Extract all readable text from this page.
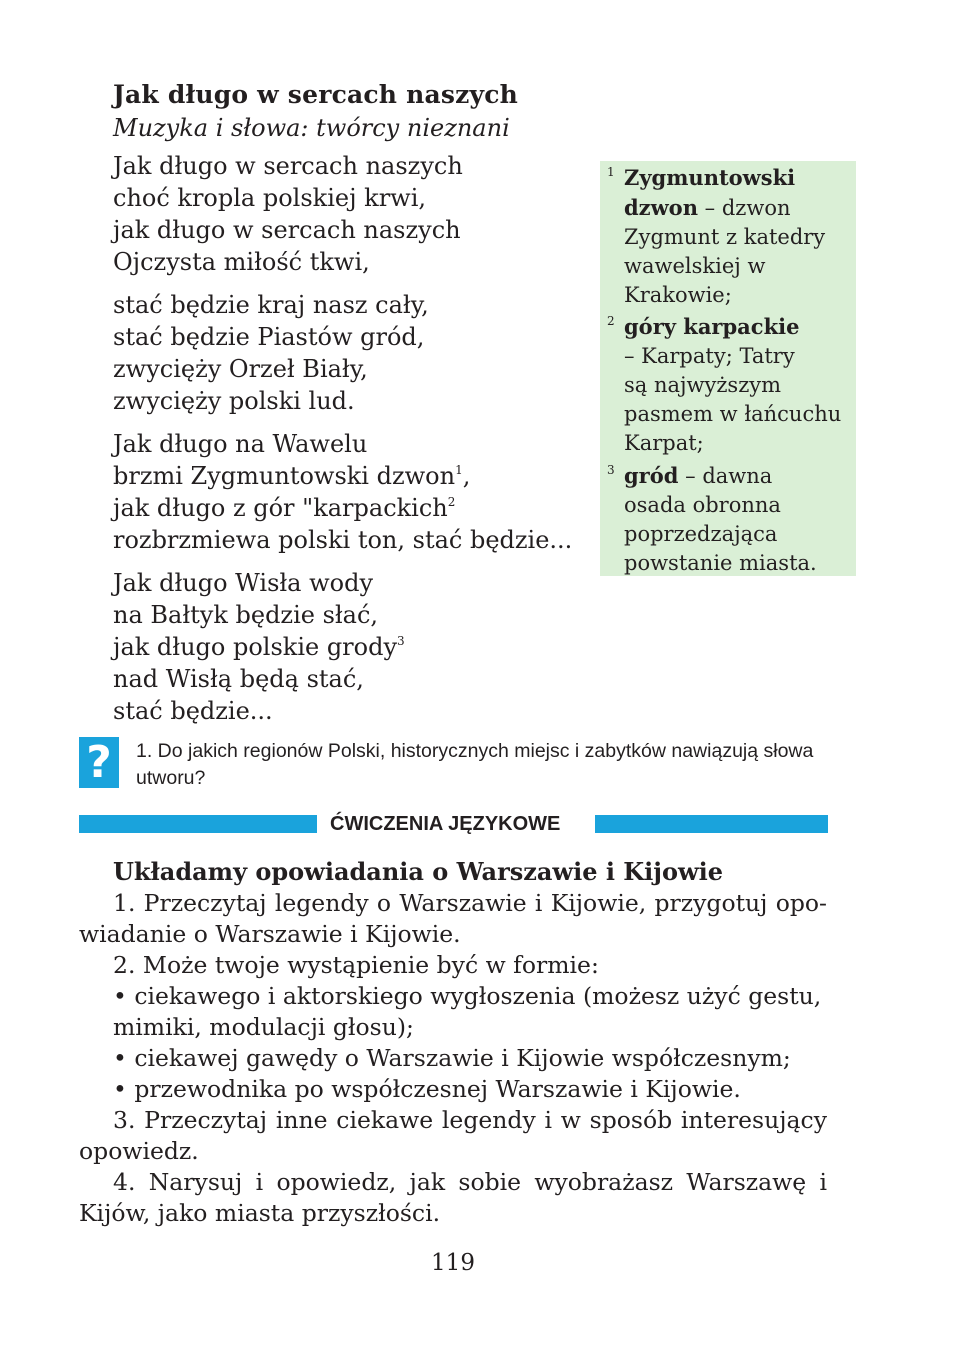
Jak długo w sercach naszych
Muzyka i słowa: twórcy nieznani
Jak długo w sercach naszych
choć kropla polskiej krwi,
jak długo w sercach naszych
Ojczysta miłość tkwi,
stać będzie kraj nasz cały,
stać będzie Piastów gród,
zwycięży Orzeł Biały,
zwycięży polski lud.
Jak długo na Wawelu
brzmi Zygmuntowski dzwon$^1$,
jak długo z gór "karpackich$^2$
rozbrzmiewa polski ton, stać będzie...
Jak długo Wisła wody
na Bałtyk będzie słać,
jak długo polskie grody$^3$
nad Wisłą będą stać,
stać będzie...
1 Zygmuntowski
dzwon – dzwon
Zygmunt z katedry
wawelskiej w
Krakowie;
2 góry karpackie
– Karpaty; Tatry
są najwyższym
pasmem w łańcuchu
Karpat;
3 gród – dawna
osada obronna
poprzedzająca
powstanie miasta.
?	1. Do jakich regionów Polski, historycznych miejsc i zabytków nawiązują słowa utworu?
ĆWICZENIA JĘZYKOWE
Układamy opowiadania o Warszawie i Kijowie
1. Przeczytaj legendy o Warszawie i Kijowie, przygotuj opo-
wiadanie o Warszawie i Kijowie.
2. Może twoje wystąpienie być w formie:
• ciekawego i aktorskiego wygłoszenia (możesz użyć gestu,
mimiki, modulacji głosu);
• ciekawej gawędy o Warszawie i Kijowie współczesnym;
• przewodnika po współczesnej Warszawie i Kijowie.
3. Przeczytaj inne ciekawe legendy i w sposób interesujący
opowiedz.
4. Narysuj i opowiedz, jak sobie wyobrażasz Warszawę i
Kijów, jako miasta przyszłości.
119
